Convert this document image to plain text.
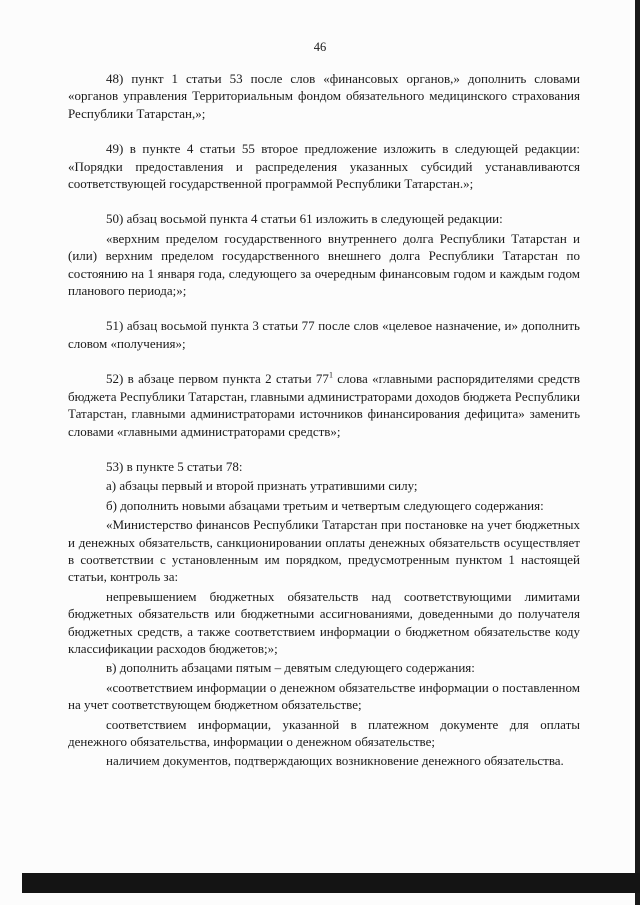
46

48) пункт 1 статьи 53 после слов «финансовых органов,» дополнить словами «органов управления Территориальным фондом обязательного медицинского страхования Республики Татарстан,»;

49) в пункте 4 статьи 55 второе предложение изложить в следующей редакции: «Порядки предоставления и распределения указанных субсидий устанавливаются соответствующей государственной программой Республики Татарстан.»;

50) абзац восьмой пункта 4 статьи 61 изложить в следующей редакции:

«верхним пределом государственного внутреннего долга Республики Татарстан и (или) верхним пределом государственного внешнего долга Республики Татарстан по состоянию на 1 января года, следующего за очередным финансовым годом и каждым годом планового периода;»;

51) абзац восьмой пункта 3 статьи 77 после слов «целевое назначение, и» дополнить словом «получения»;

52) в абзаце первом пункта 2 статьи $77^1$ слова «главными распорядителями средств бюджета Республики Татарстан, главными администраторами доходов бюджета Республики Татарстан, главными администраторами источников финансирования дефицита» заменить словами «главными администраторами средств»;

53) в пункте 5 статьи 78:

а) абзацы первый и второй признать утратившими силу;

б) дополнить новыми абзацами третьим и четвертым следующего содержания:

«Министерство финансов Республики Татарстан при постановке на учет бюджетных и денежных обязательств, санкционировании оплаты денежных обязательств осуществляет в соответствии с установленным им порядком, предусмотренным пунктом 1 настоящей статьи, контроль за:

непревышением бюджетных обязательств над соответствующими лимитами бюджетных обязательств или бюджетными ассигнованиями, доведенными до получателя бюджетных средств, а также соответствием информации о бюджетном обязательстве коду классификации расходов бюджетов;»;

в) дополнить абзацами пятым – девятым следующего содержания:

«соответствием информации о денежном обязательстве информации о поставленном на учет соответствующем бюджетном обязательстве;

соответствием информации, указанной в платежном документе для оплаты денежного обязательства, информации о денежном обязательстве;

наличием документов, подтверждающих возникновение денежного обязательства.
